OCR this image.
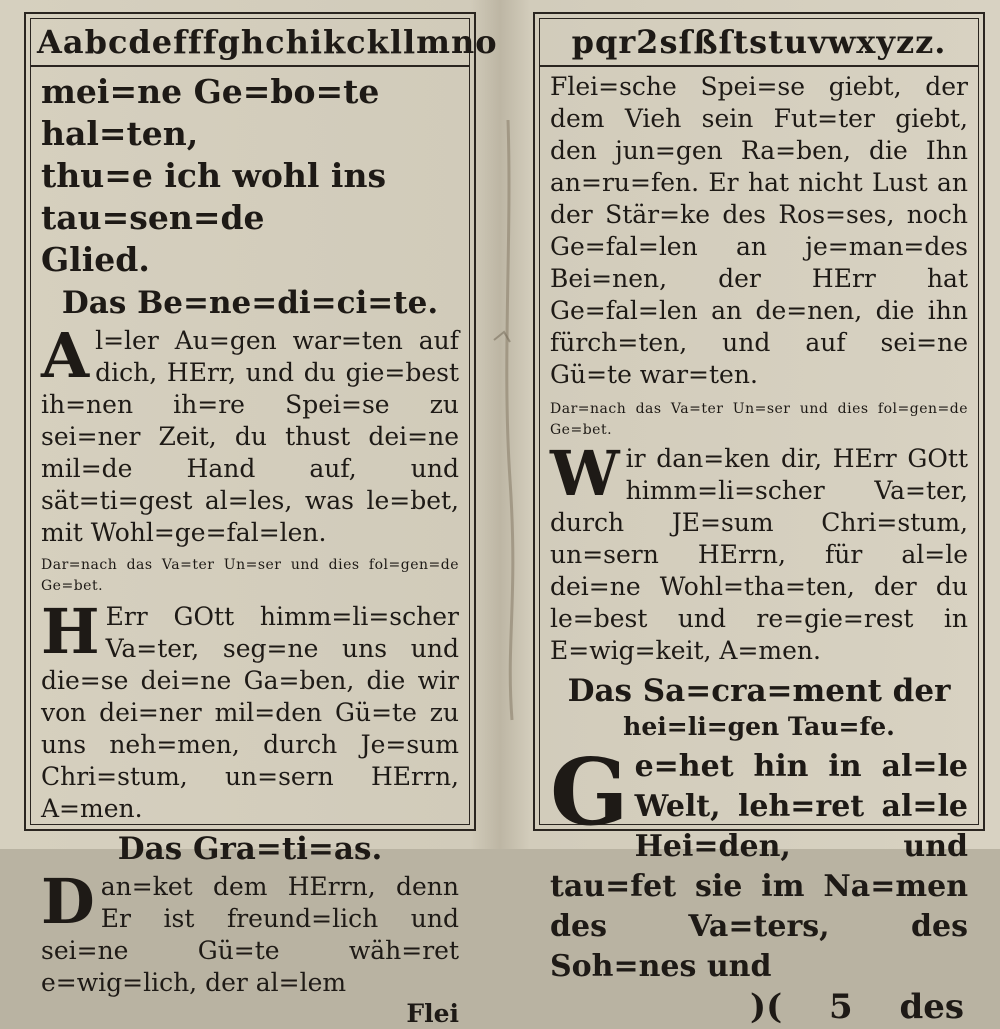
Aabcdefffghchikckllmno

mei=ne Ge=bo=te hal=ten,

thu=e ich wohl ins tau=sen=de

Glied.

Das Be=ne=di=ci=te.

A l=ler Au=gen war=ten auf dich, HErr, und du gie=best ih=nen ih=re Spei=se zu sei=ner Zeit, du thust dei=ne mil=de Hand auf, und sät=ti=gest al=les, was le=bet, mit Wohl=ge=fal=len.

Dar=nach das Va=ter Un=ser und dies fol=gen=de Ge=bet.

H Err GOtt himm=li=scher Va=ter, seg=ne uns und die=se dei=ne Ga=ben, die wir von dei=ner mil=den Gü=te zu uns neh=men, durch Je=sum Chri=stum, un=sern HErrn, A=men.

Das Gra=ti=as.

D an=ket dem HErrn, denn Er ist freund=lich und sei=ne Gü=te wäh=ret e=wig=lich, der al=lem

Flei
pqr2sſßſtstuvwxyzz.

Flei=sche Spei=se giebt, der dem Vieh sein Fut=ter giebt, den jun=gen Ra=ben, die Ihn an=ru=fen. Er hat nicht Lust an der Stär=ke des Ros=ses, noch Ge=fal=len an je=man=des Bei=nen, der HErr hat Ge=fal=len an de=nen, die ihn fürch=ten, und auf sei=ne Gü=te war=ten.

Dar=nach das Va=ter Un=ser und dies fol=gen=de Ge=bet.

W ir dan=ken dir, HErr GOtt himm=li=scher Va=ter, durch JE=sum Chri=stum, un=sern HErrn, für al=le dei=ne Wohl=tha=ten, der du le=best und re=gie=rest in E=wig=keit, A=men.

Das Sa=cra=ment der
hei=li=gen Tau=fe.

G e=het hin in al=le Welt, leh=ret al=le Hei=den, und tau=fet sie im Na=men des Va=ters, des Soh=nes und

)( 5 des
